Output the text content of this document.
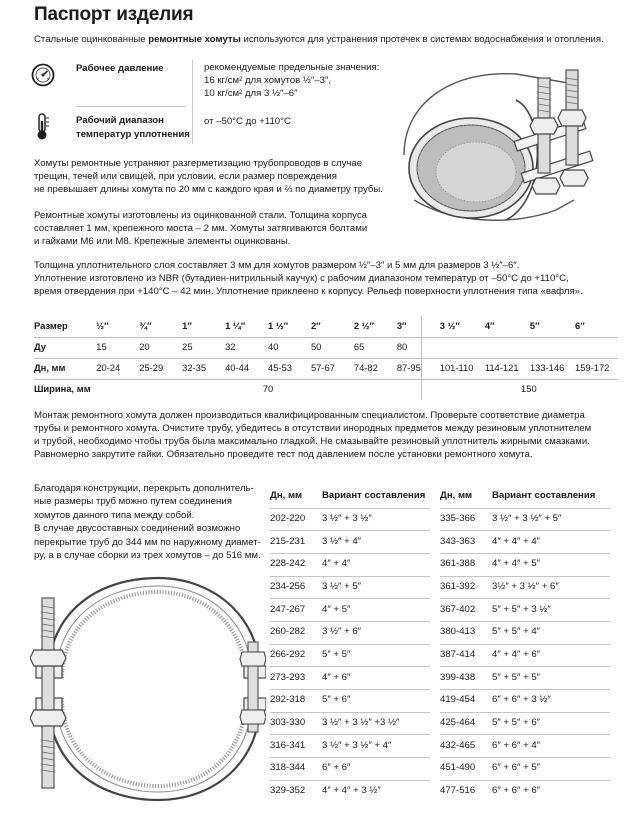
Паспорт изделия
Стальные оцинкованные ремонтные хомуты используются для устранения протечек в системах водоснабжения и отопления.
Рабочее давление	рекомендуемые предельные значения:
16 кг/см² для хомутов ½″–3″,
10 кг/см² для 3 ½″–6″
Рабочий диапазон
температур уплотнения
от –50°С до +110°С
Хомуты ремонтные устраняют разгерметизацию трубопроводов в случае
трещин, течей или свищей, при условии, если размер повреждения
не превышает длины хомута по 20 мм с каждого края и ⅔ по диаметру трубы.
Ремонтные хомуты изготовлены из оцинкованной стали. Толщина корпуса
составляет 1 мм, крепежного моста – 2 мм. Хомуты затягиваются болтами
и гайками М6 или М8. Крепежные элементы оцинкованы.
Толщина уплотнительного слоя составляет 3 мм для хомутов размером ½″–3″ и 5 мм для размеров 3 ½″–6″.
Уплотнение изготовлено из NBR (бутадиен-нитрильный каучук) с рабочим диапазоном температур от –50°С до +110°С,
время отвердения при +140°С – 42 мин. Уплотнение приклеено к корпусу. Рельеф поверхности уплотнения типа «вафля».
Размер	½″	¾″	1″	1 ¼″	1 ½″	2″	2 ½″	3″	3 ½″	4″	5″	6″
Ду	15	20	25	32	40	50	65	80				
Дн, мм	20-24	25-29	32-35	40-44	45-53	57-67	74-82	87-95	101-110	114-121	133-146	159-172
Ширина, мм	70								150			
Монтаж ремонтного хомута должен производиться квалифицированным специалистом. Проверьте соответствие диаметра
трубы и ремонтного хомута. Очистите трубу, убедитесь в отсутствии инородных предметов между резиновым уплотнителем
и трубой, необходимо чтобы труба была максимально гладкой. Не смазывайте резиновый уплотнитель жирными смазками.
Равномерно закрутите гайки. Обязательно проведите тест под давлением после установки ремонтного хомута.
Благодаря конструкции, перекрыть дополнитель-
ные размеры труб можно путем соединения
хомутов данного типа между собой.
В случае двусоставных соединений возможно
перекрытие труб до 344 мм по наружному диамет-
ру, а в случае сборки из трех хомутов – до 516 мм.
Дн, мм	Вариант составления
202-220	3 ½″ + 3 ½″
215-231	3 ½″ + 4″
228-242	4″ + 4″
234-256	3 ½″ + 5″
247-267	4″ + 5″
260-282	3 ½″ + 6″
266-292	5″ + 5″
273-293	4″ + 6″
292-318	5″ + 6″
303-330	3 ½″ + 3 ½″ +3 ½″
316-341	3 ½″ + 3 ½″ + 4″
318-344	6″ + 6″
329-352	4″ + 4″ + 3 ½″
Дн, мм	Вариант составления
335-366	3 ½″ + 3 ½″ + 5″
343-363	4″ + 4″ + 4″
361-388	4″ + 4″ + 5″
361-392	3½″ + 3 ½″ + 6″
367-402	5″ + 5″ + 3 ½″
380-413	5″ + 5″ + 4″
387-414	4″ + 4″ + 6″
399-438	5″ + 5″ + 5″
419-454	6″ + 6″ + 3 ½″
425-464	5″ + 5″ + 6″
432-465	6″ + 6″ + 4″
451-490	6″ + 6″ + 5″
477-516	6″ + 6″ + 6″
